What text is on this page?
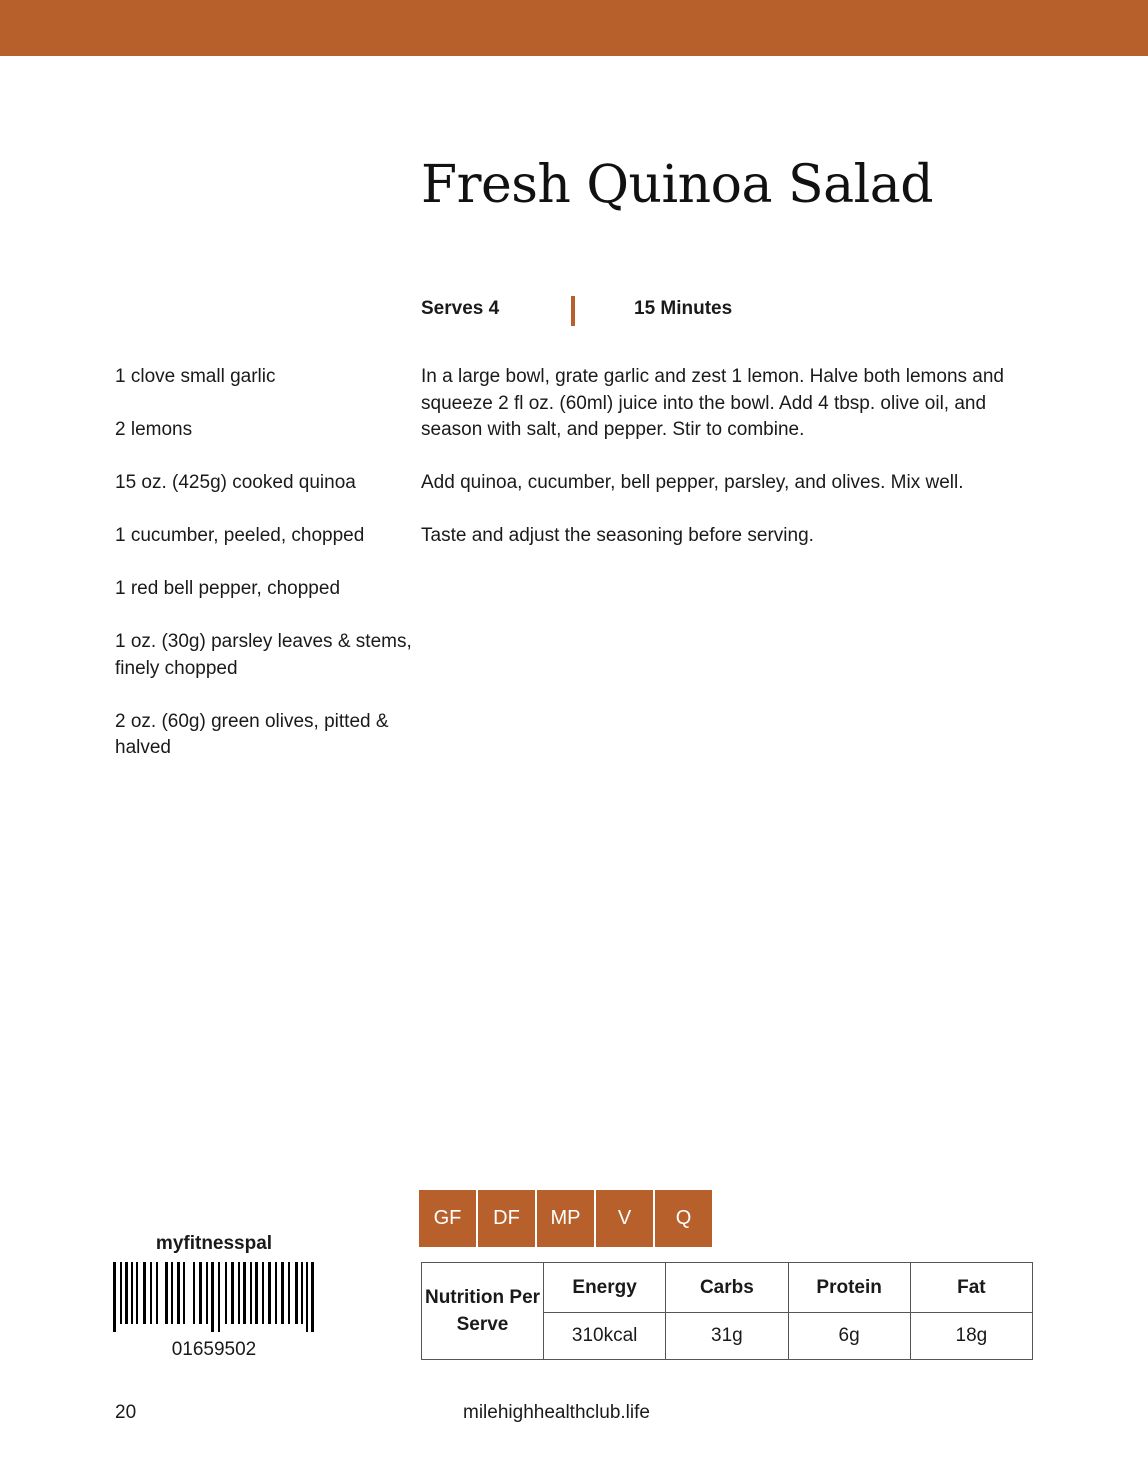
Fresh Quinoa Salad
Serves 4	15 Minutes
1 clove small garlic
2 lemons
15 oz. (425g) cooked quinoa
1 cucumber, peeled, chopped
1 red bell pepper, chopped
1 oz. (30g) parsley leaves & stems, finely chopped
2 oz. (60g) green olives, pitted & halved

In a large bowl, grate garlic and zest 1 lemon. Halve both lemons and squeeze 2 fl oz. (60ml) juice into the bowl. Add 4 tbsp. olive oil, and season with salt, and pepper. Stir to combine.

Add quinoa, cucumber, bell pepper, parsley, and olives. Mix well.

Taste and adjust the seasoning before serving.

GF	DF	MP	V	Q
myfitnesspal
01659502
Nutrition Per Serve	Energy	Carbs	Protein	Fat
	310kcal	31g	6g	18g
20	milehighhealthclub.life
